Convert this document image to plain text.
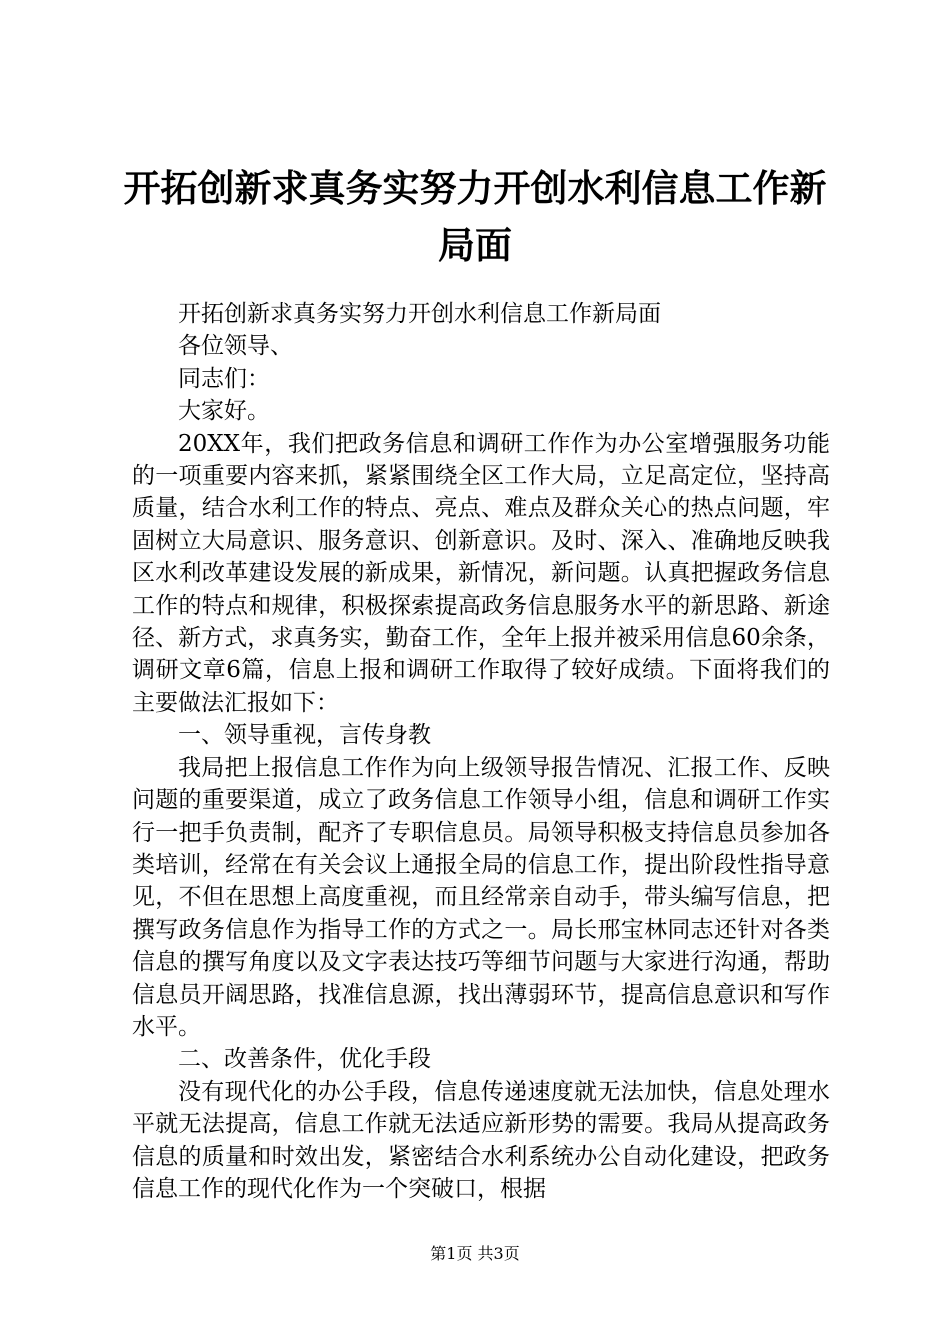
开拓创新求真务实努力开创水利信息工作新局面

开拓创新求真务实努力开创水利信息工作新局面

各位领导、

同志们：

大家好。

20XX年，我们把政务信息和调研工作作为办公室增强服务功能的一项重要内容来抓，紧紧围绕全区工作大局，立足高定位，坚持高质量，结合水利工作的特点、亮点、难点及群众关心的热点问题，牢固树立大局意识、服务意识、创新意识。及时、深入、准确地反映我区水利改革建设发展的新成果，新情况，新问题。认真把握政务信息工作的特点和规律，积极探索提高政务信息服务水平的新思路、新途径、新方式，求真务实，勤奋工作，全年上报并被采用信息60余条，调研文章6篇，信息上报和调研工作取得了较好成绩。下面将我们的主要做法汇报如下：

一、领导重视，言传身教

我局把上报信息工作作为向上级领导报告情况、汇报工作、反映问题的重要渠道，成立了政务信息工作领导小组，信息和调研工作实行一把手负责制，配齐了专职信息员。局领导积极支持信息员参加各类培训，经常在有关会议上通报全局的信息工作，提出阶段性指导意见，不但在思想上高度重视，而且经常亲自动手，带头编写信息，把撰写政务信息作为指导工作的方式之一。局长邢宝林同志还针对各类信息的撰写角度以及文字表达技巧等细节问题与大家进行沟通，帮助信息员开阔思路，找准信息源，找出薄弱环节，提高信息意识和写作水平。

二、改善条件，优化手段

没有现代化的办公手段，信息传递速度就无法加快，信息处理水平就无法提高，信息工作就无法适应新形势的需要。我局从提高政务信息的质量和时效出发，紧密结合水利系统办公自动化建设，把政务信息工作的现代化作为一个突破口，根据

第1页 共3页
